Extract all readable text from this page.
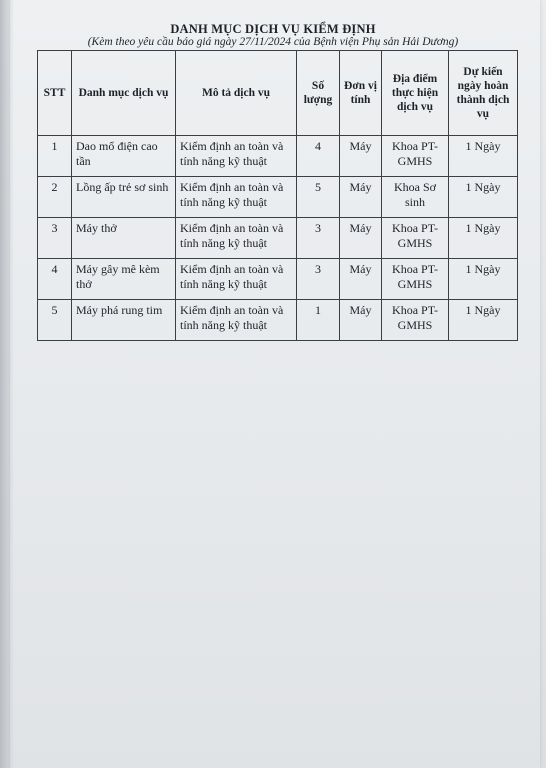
DANH MỤC DỊCH VỤ KIỂM ĐỊNH
(Kèm theo yêu cầu báo giá ngày 27/11/2024 của Bệnh viện Phụ sản Hải Dương)
STT	Danh mục dịch vụ	Mô tả dịch vụ	Số lượng	Đơn vị tính	Địa điểm thực hiện dịch vụ	Dự kiến ngày hoàn thành dịch vụ
1	Dao mổ điện cao tần	Kiểm định an toàn và tính năng kỹ thuật	4	Máy	Khoa PT-GMHS	1 Ngày
2	Lồng ấp trẻ sơ sinh	Kiểm định an toàn và tính năng kỹ thuật	5	Máy	Khoa Sơ sinh	1 Ngày
3	Máy thở	Kiểm định an toàn và tính năng kỹ thuật	3	Máy	Khoa PT-GMHS	1 Ngày
4	Máy gây mê kèm thở	Kiểm định an toàn và tính năng kỹ thuật	3	Máy	Khoa PT-GMHS	1 Ngày
5	Máy phá rung tim	Kiểm định an toàn và tính năng kỹ thuật	1	Máy	Khoa PT-GMHS	1 Ngày
